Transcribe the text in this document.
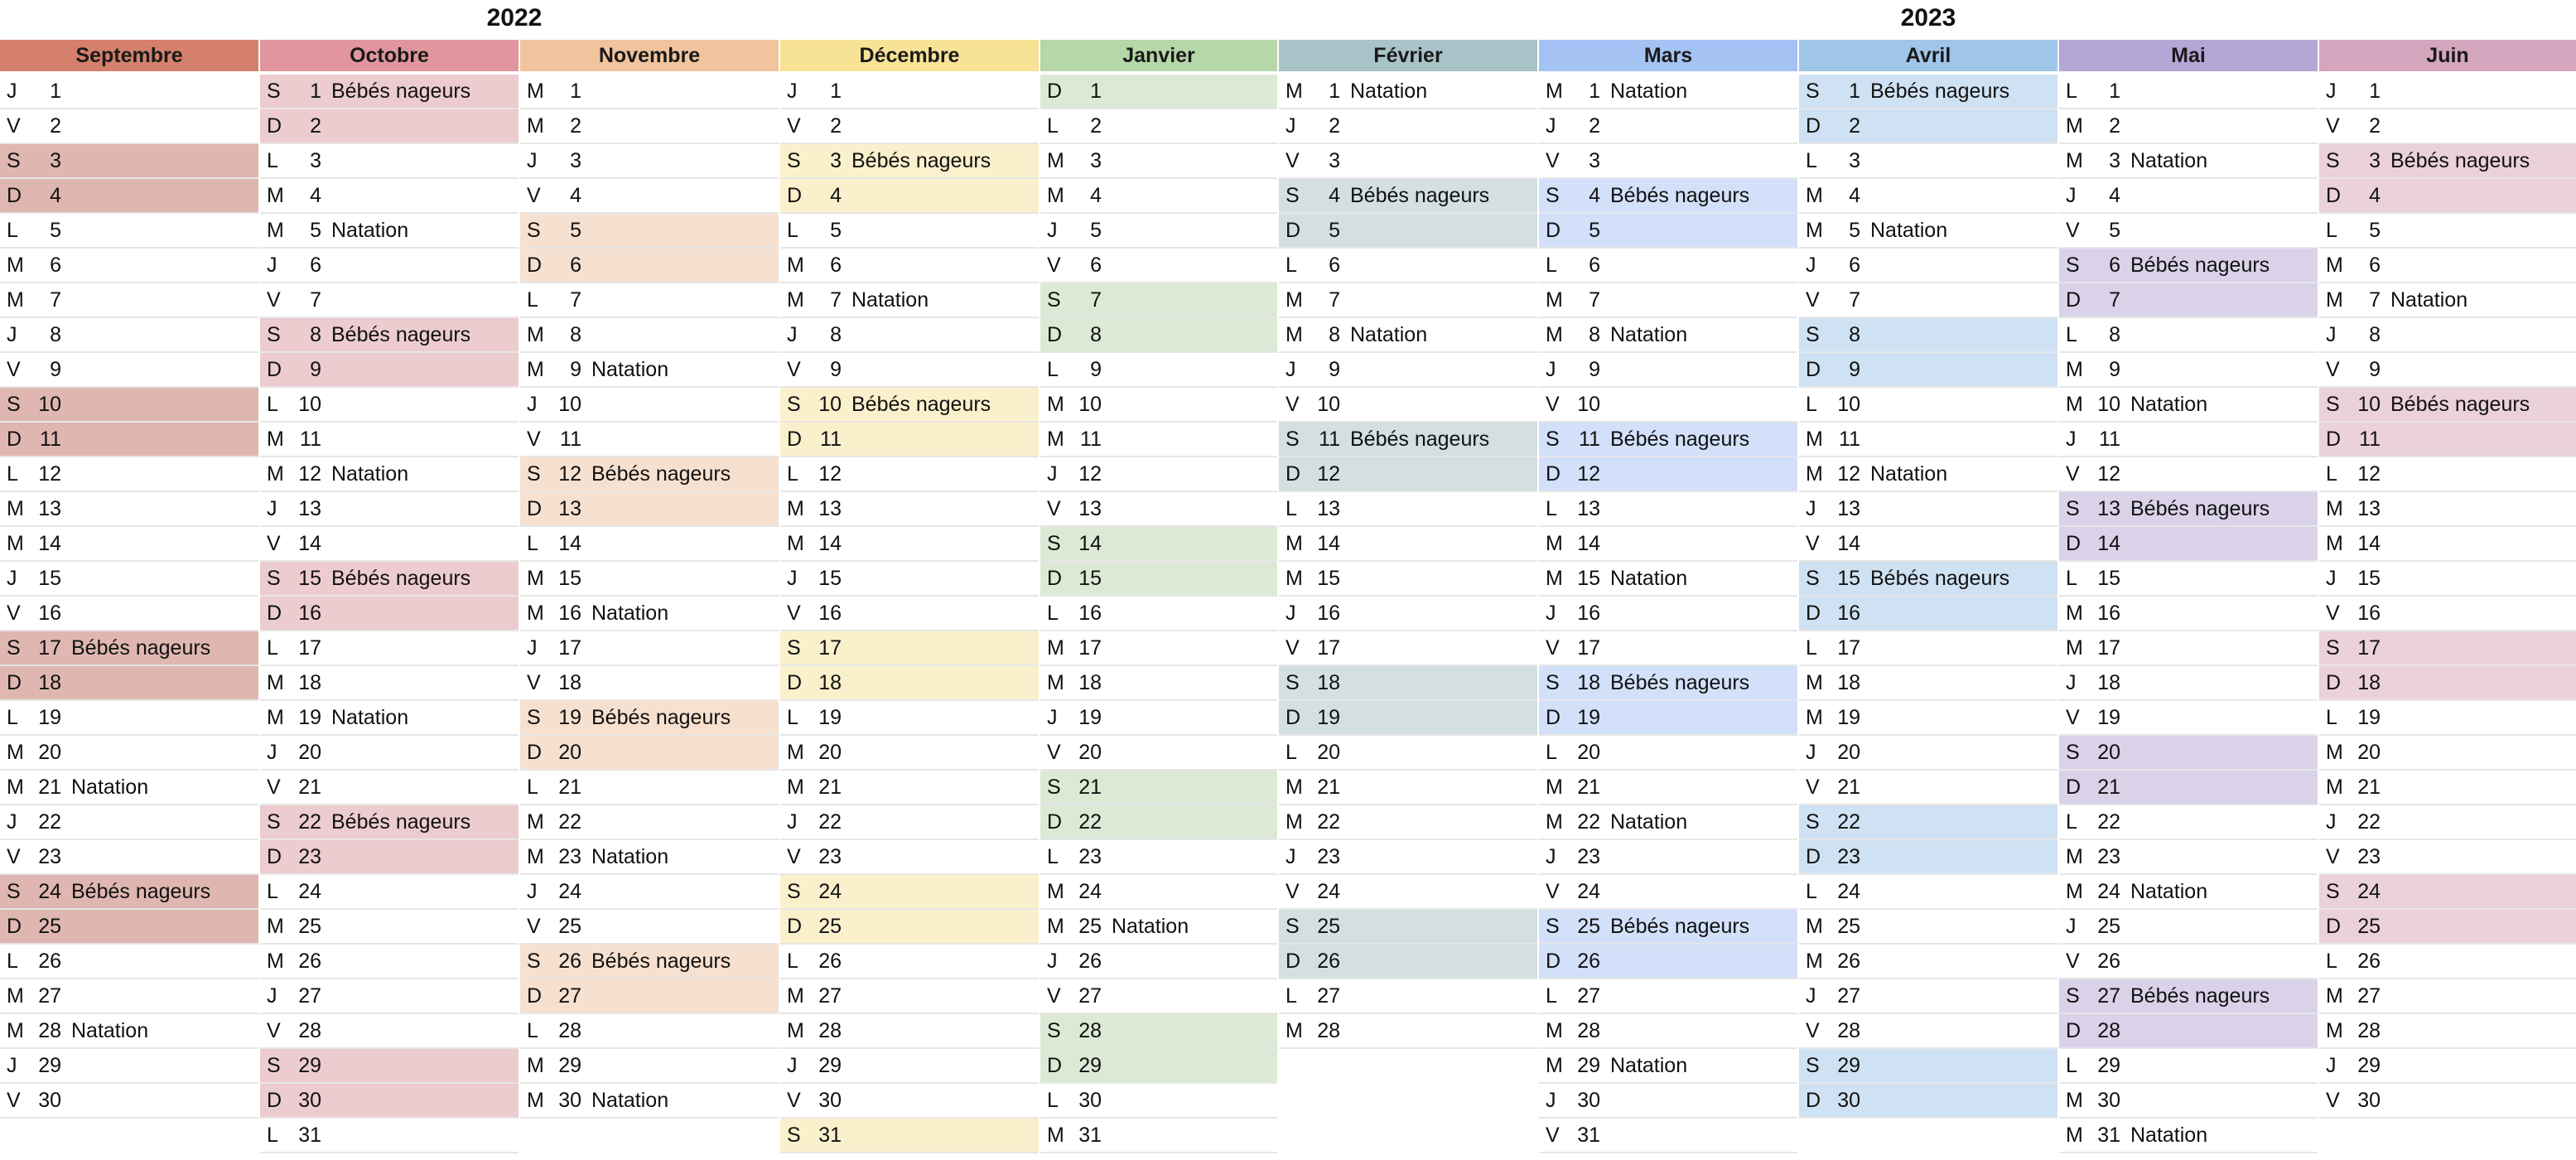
2022	2023
Septembre
J	1
V	2
S	3
D	4
L	5
M	6
M	7
J	8
V	9
S 10
D 11
L 12
M 13
M 14
J	15
V 16
S 17 Bébés nageurs
D 18
L 19
M 20
M 21 Natation
J	22
V 23
S 24 Bébés nageurs
D 25
L 26
M 27
M 28 Natation
J	29
V 30
Octobre
S	1 Bébés nageurs
D	2
L	3
M	4
M	5 Natation
J	6
V	7
S	8 Bébés nageurs
D	9
L 10
M 11
M 12 Natation
J	13
V 14
S 15 Bébés nageurs
D 16
L 17
M 18
M 19 Natation
J	20
V 21
S 22 Bébés nageurs
D 23
L 24
M 25
M 26
J	27
V 28
S 29
D 30
L 31
Novembre
M	1
M	2
J	3
V	4
S	5
D	6
L	7
M	8
M	9 Natation
J	10
V 11
S 12 Bébés nageurs
D 13
L 14
M 15
M 16 Natation
J	17
V 18
S 19 Bébés nageurs
D 20
L 21
M 22
M 23 Natation
J	24
V 25
S 26 Bébés nageurs
D 27
L 28
M 29
M 30 Natation
Décembre
J	1
V	2
S	3 Bébés nageurs
D	4
L	5
M	6
M	7 Natation
J	8
V	9
S 10 Bébés nageurs
D 11
L 12
M 13
M 14
J	15
V 16
S 17
D 18
L 19
M 20
M 21
J	22
V 23
S 24
D 25
L 26
M 27
M 28
J	29
V 30
S 31
Janvier
D	1
L	2
M	3
M	4
J	5
V	6
S	7
D	8
L	9
M 10
M 11
J	12
V 13
S 14
D 15
L 16
M 17
M 18
J	19
V 20
S 21
D 22
L 23
M 24
M 25 Natation
J	26
V 27
S 28
D 29
L 30
M 31
Février
M	1 Natation
J	2
V	3
S	4 Bébés nageurs
D	5
L	6
M	7
M	8 Natation
J	9
V 10
S 11 Bébés nageurs
D 12
L 13
M 14
M 15
J	16
V 17
S 18
D 19
L 20
M 21
M 22
J	23
V 24
S 25
D 26
L 27
M 28
Mars
M	1 Natation
J	2
V	3
S	4 Bébés nageurs
D	5
L	6
M	7
M	8 Natation
J	9
V 10
S 11 Bébés nageurs
D 12
L 13
M 14
M 15 Natation
J	16
V 17
S 18 Bébés nageurs
D 19
L 20
M 21
M 22 Natation
J	23
V 24
S 25 Bébés nageurs
D 26
L 27
M 28
M 29 Natation
J	30
V 31
Avril
S	1 Bébés nageurs
D	2
L	3
M	4
M	5 Natation
J	6
V	7
S	8
D	9
L 10
M 11
M 12 Natation
J	13
V 14
S 15 Bébés nageurs
D 16
L 17
M 18
M 19
J	20
V 21
S 22
D 23
L 24
M 25
M 26
J	27
V 28
S 29
D 30
Mai
L	1
M	2
M	3 Natation
J	4
V	5
S	6 Bébés nageurs
D	7
L	8
M	9
M 10 Natation
J	11
V 12
S 13 Bébés nageurs
D 14
L 15
M 16
M 17
J	18
V 19
S 20
D 21
L 22
M 23
M 24 Natation
J	25
V 26
S 27 Bébés nageurs
D 28
L 29
M 30
M 31 Natation
Juin
J	1
V	2
S	3 Bébés nageurs
D	4
L	5
M	6
M	7 Natation
J	8
V	9
S 10 Bébés nageurs
D 11
L 12
M 13
M 14
J	15
V 16
S 17
D 18
L 19
M 20
M 21
J	22
V 23
S 24
D 25
L 26
M 27
M 28
J	29
V 30
